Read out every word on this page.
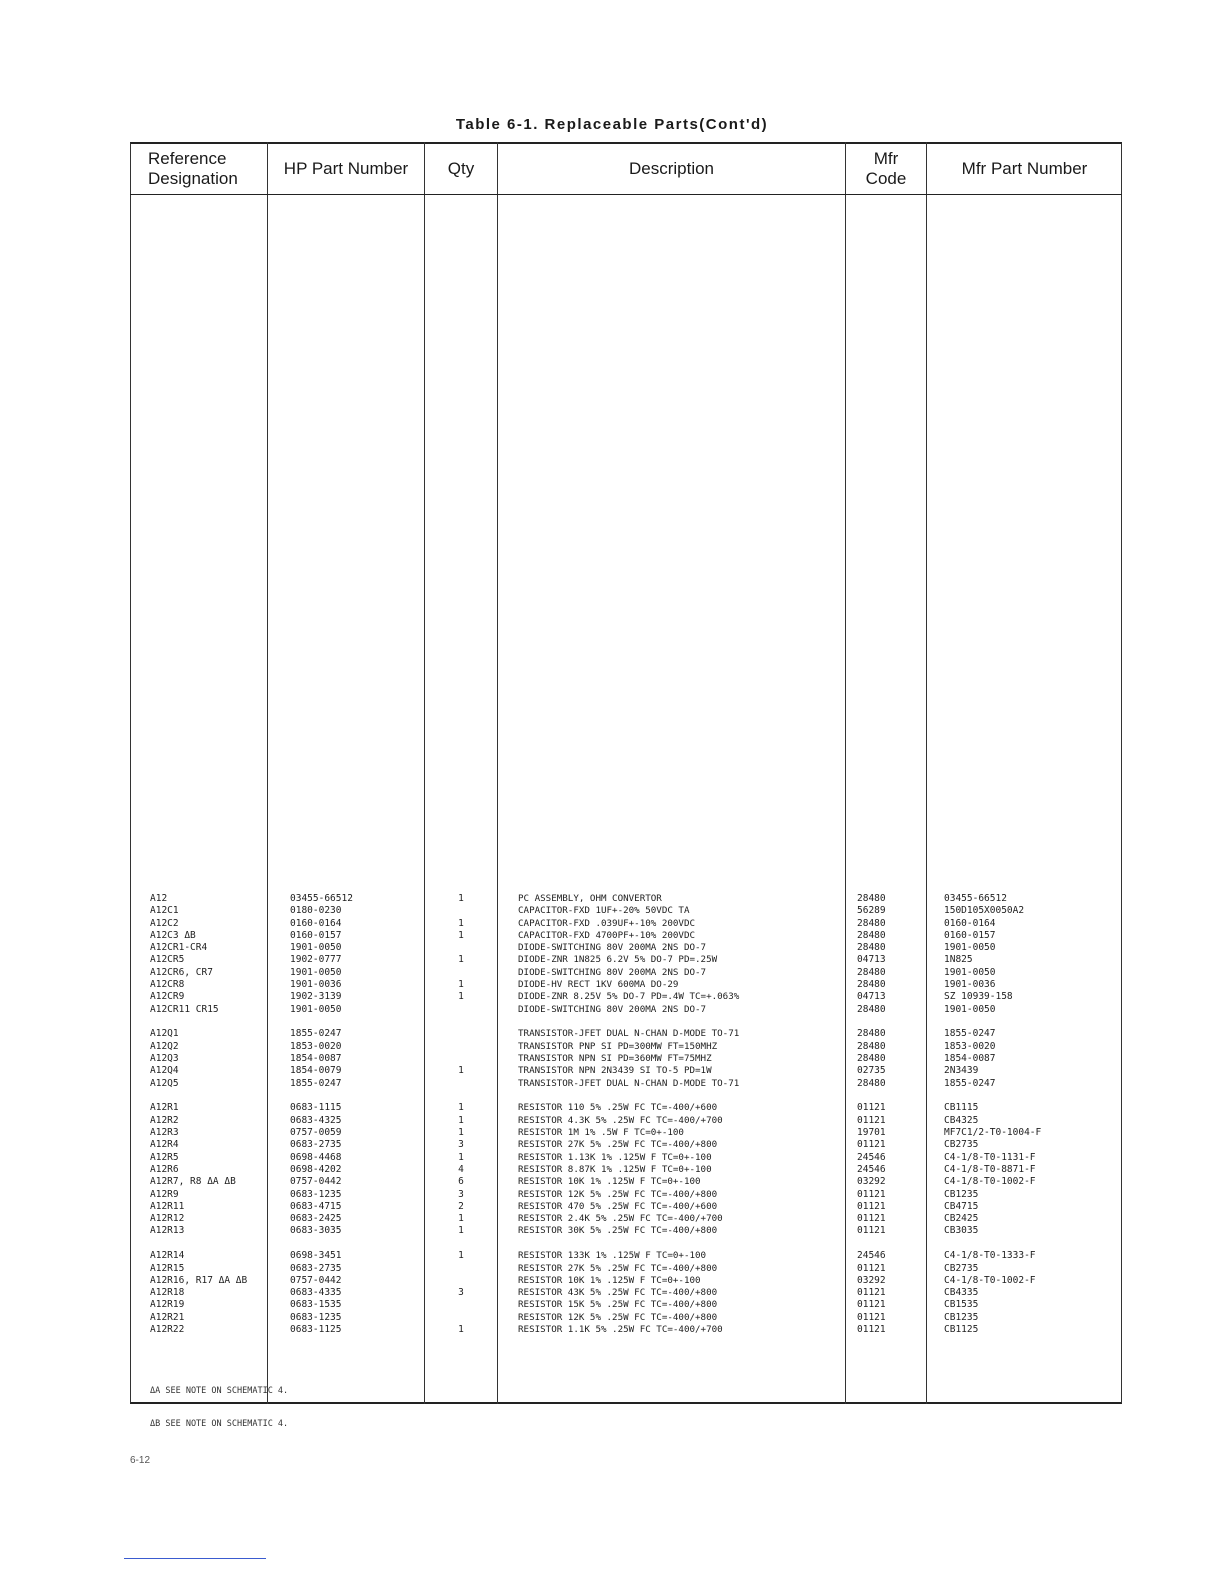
Table 6-1. Replaceable Parts(Cont'd)
Reference
Designation
HP Part Number	Qty	Description
Mfr
Code
Mfr Part Number
A12
A12C1
A12C2
A12C3 ΔB
A12CR1-CR4
A12CR5
A12CR6, CR7
A12CR8
A12CR9
A12CR11 CR15
A12Q1
A12Q2
A12Q3
A12Q4
A12Q5
A12R1
A12R2
A12R3
A12R4
A12R5
A12R6
A12R7, R8 ΔA ΔB
A12R9
A12R11
A12R12
A12R13
A12R14
A12R15
A12R16, R17 ΔA ΔB
A12R18
A12R19
A12R21
A12R22
03455-66512
0180-0230
0160-0164
0160-0157
1901-0050
1902-0777
1901-0050
1901-0036
1902-3139
1901-0050
1855-0247
1853-0020
1854-0087
1854-0079
1855-0247
0683-1115
0683-4325
0757-0059
0683-2735
0698-4468
0698-4202
0757-0442
0683-1235
0683-4715
0683-2425
0683-3035
0698-3451
0683-2735
0757-0442
0683-4335
0683-1535
0683-1235
0683-1125
1
1
1
1
1
1
1
1
1
1
3
1
4
6
3
2
1
1
1
3
1
PC ASSEMBLY, OHM CONVERTOR
CAPACITOR-FXD 1UF+-20% 50VDC TA
CAPACITOR-FXD .039UF+-10% 200VDC
CAPACITOR-FXD 4700PF+-10% 200VDC
DIODE-SWITCHING 80V 200MA 2NS DO-7
DIODE-ZNR 1N825 6.2V 5% DO-7 PD=.25W
DIODE-SWITCHING 80V 200MA 2NS DO-7
DIODE-HV RECT 1KV 600MA DO-29
DIODE-ZNR 8.25V 5% DO-7 PD=.4W TC=+.063%
DIODE-SWITCHING 80V 200MA 2NS DO-7
TRANSISTOR-JFET DUAL N-CHAN D-MODE TO-71
TRANSISTOR PNP SI PD=300MW FT=150MHZ
TRANSISTOR NPN SI PD=360MW FT=75MHZ
TRANSISTOR NPN 2N3439 SI TO-5 PD=1W
TRANSISTOR-JFET DUAL N-CHAN D-MODE TO-71
RESISTOR 110 5% .25W FC TC=-400/+600
RESISTOR 4.3K 5% .25W FC TC=-400/+700
RESISTOR 1M 1% .5W F TC=0+-100
RESISTOR 27K 5% .25W FC TC=-400/+800
RESISTOR 1.13K 1% .125W F TC=0+-100
RESISTOR 8.87K 1% .125W F TC=0+-100
RESISTOR 10K 1% .125W F TC=0+-100
RESISTOR 12K 5% .25W FC TC=-400/+800
RESISTOR 470 5% .25W FC TC=-400/+600
RESISTOR 2.4K 5% .25W FC TC=-400/+700
RESISTOR 30K 5% .25W FC TC=-400/+800
RESISTOR 133K 1% .125W F TC=0+-100
RESISTOR 27K 5% .25W FC TC=-400/+800
RESISTOR 10K 1% .125W F TC=0+-100
RESISTOR 43K 5% .25W FC TC=-400/+800
RESISTOR 15K 5% .25W FC TC=-400/+800
RESISTOR 12K 5% .25W FC TC=-400/+800
RESISTOR 1.1K 5% .25W FC TC=-400/+700
28480
56289
28480
28480
28480
04713
28480
28480
04713
28480
28480
28480
28480
02735
28480
01121
01121
19701
01121
24546
24546
03292
01121
01121
01121
01121
24546
01121
03292
01121
01121
01121
01121
03455-66512
150D105X0050A2
0160-0164
0160-0157
1901-0050
1N825
1901-0050
1901-0036
SZ 10939-158
1901-0050
1855-0247
1853-0020
1854-0087
2N3439
1855-0247
CB1115
CB4325
MF7C1/2-T0-1004-F
CB2735
C4-1/8-T0-1131-F
C4-1/8-T0-8871-F
C4-1/8-T0-1002-F
CB1235
CB4715
CB2425
CB3035
C4-1/8-T0-1333-F
CB2735
C4-1/8-T0-1002-F
CB4335
CB1535
CB1235
CB1125

ΔA SEE NOTE ON SCHEMATIC 4.

ΔB SEE NOTE ON SCHEMATIC 4.

6-12
